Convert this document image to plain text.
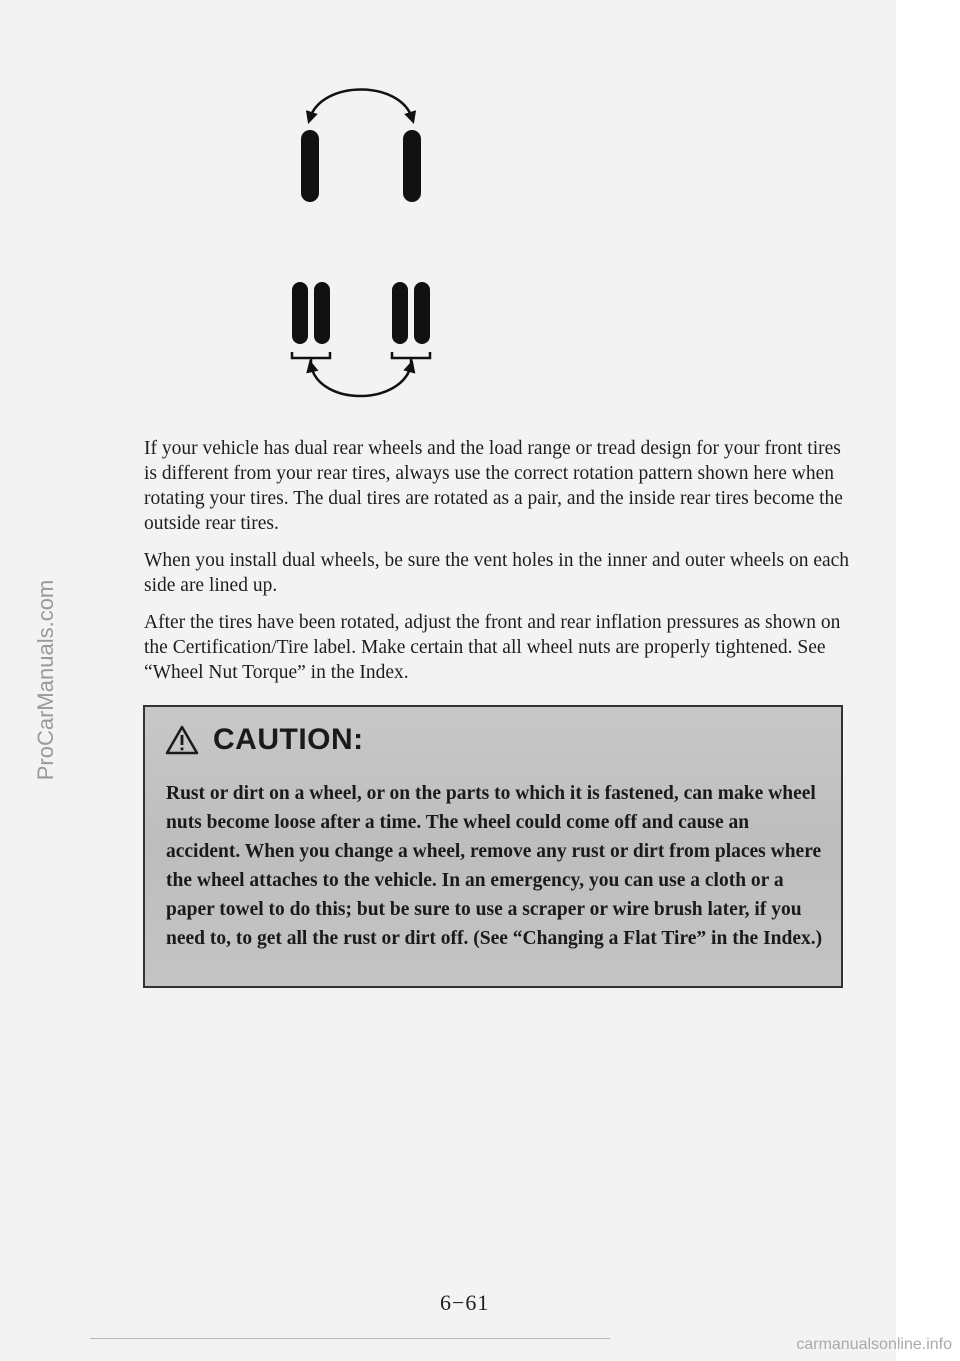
ProCarManuals.com

If your vehicle has dual rear wheels and the load range or tread design for your front tires is different from your rear tires, always use the correct rotation pattern shown here when rotating your tires. The dual tires are rotated as a pair, and the inside rear tires become the outside rear tires.

When you install dual wheels, be sure the vent holes in the inner and outer wheels on each side are lined up.

After the tires have been rotated, adjust the front and rear inflation pressures as shown on the Certification/Tire label. Make certain that all wheel nuts are properly tightened. See “Wheel Nut Torque” in the Index.

CAUTION:

Rust or dirt on a wheel, or on the parts to which it is fastened, can make wheel nuts become loose after a time. The wheel could come off and cause an accident. When you change a wheel, remove any rust or dirt from places where the wheel attaches to the vehicle. In an emergency, you can use a cloth or a paper towel to do this; but be sure to use a scraper or wire brush later, if you need to, to get all the rust or dirt off. (See “Changing a Flat Tire” in the Index.)

6−61
carmanualsonline.info
